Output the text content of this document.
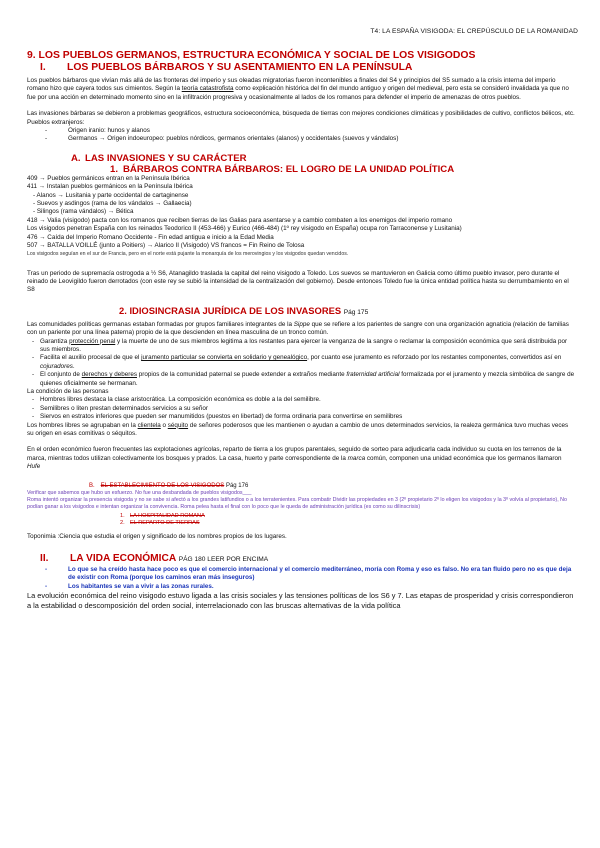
T4: LA ESPAÑA VISIGODA: EL CREPÚSCULO DE LA ROMANIDAD
9. LOS PUEBLOS GERMANOS, ESTRUCTURA ECONÓMICA Y SOCIAL DE LOS VISIGODOS
I. LOS PUEBLOS BÁRBAROS Y SU ASENTAMIENTO EN LA PENÍNSULA

Los pueblos bárbaros que vivían más allá de las fronteras del imperio y sus oleadas migratorias fueron incontenibles a finales del S4 y principios del S5 sumado a la crisis interna del imperio romano hizo que cayera todos sus cimientos. Según la teoría catastrofista como explicación histórica del fin del mundo antiguo y origen del medieval, pero esta se consideró invalidada ya que no fue por una acción en determinado momento sino en la infiltración progresiva y ocasionalmente al lados de los romanos para defender el imperio de amenazas de otros pueblos.

Las invasiones bárbaras se debieron a problemas geográficos, estructura socioeconómica, búsqueda de tierras con mejores condiciones climáticas y posibilidades de cultivo, conflictos bélicos, etc.

Pueblos extranjeros:

- Origen iranio: hunos y alanos
- Germanos → Origen indoeuropeo: pueblos nórdicos, germanos orientales (alanos) y occidentales (suevos y vándalos)
A. LAS INVASIONES Y SU CARÁCTER
1. BÁRBAROS CONTRA BÁRBAROS: EL LOGRO DE LA UNIDAD POLÍTICA

409 → Pueblos germánicos entran en la Península Ibérica

411 → Instalan pueblos germánicos en la Península Ibérica

- Alanos → Lusitania y parte occidental de cartaginense
- Suevos y asdingos (rama de los vándalos → Gallaecia)
- Silingos (rama vándalos) → Bética

418 → Valia (visigodo) pacta con los romanos que reciben tierras de las Galias para asentarse y a cambio combaten a los enemigos del imperio romano

Los visigodos penetran España con los reinados Teodorico II (453-466) y Eurico (466-484) (1º rey visigodo en España) ocupa ron Tarraconense y Lusitania)

476 → Caída del Imperio Romano Occidente - Fin edad antigua e inicio a la Edad Media

507 → BATALLA VOILLÉ (junto a Poitiers) → Alarico II (Visigodo) VS francos = Fin Reino de Tolosa

Los visigodos seguían en el sur de Francia, pero en el norte está pujante la monarquía de los merovingios y los visigodos quedan vencidos.

Tras un periodo de supremacía ostrogoda a ½ S6, Atanagildo traslada la capital del reino visigodo a Toledo. Los suevos se mantuvieron en Galicia como último pueblo invasor, pero durante el reinado de Leovigildo fueron derrotados (con este rey se subió la intensidad de la centralización del gobierno). Desde entonces Toledo fue la única entidad política hasta su derrumbamiento en el S8

2. IDIOSINCRASIA JURÍDICA DE LOS INVASORES Pág 175

Las comunidades políticas germanas estaban formadas por grupos familiares integrantes de la Sippe que se refiere a los parientes de sangre con una organización agnaticia (relación de familias con un pariente por una línea paterna) propio de la que descienden en línea masculina de un tronco común.

- Garantiza protección penal y la muerte de uno de sus miembros legitima a los restantes para ejercer la venganza de la sangre o reclamar la composición económica que será distribuida por sus miembros.
- Facilita el auxilio procesal de que el juramento particular se convierta en solidario y genealógico, por cuanto ese juramento es reforzado por los restantes componentes, convertidos así en cojuradores.
- El conjunto de derechos y deberes propios de la comunidad paternal se puede extender a extraños mediante fraternidad artificial formalizada por el juramento y mezcla simbólica de sangre de quienes oficialmente se hermanan.

La condición de las personas

- Hombres libres destaca la clase aristocrática. La composición económica es doble a la del semilibre.
- Semilibres o liten prestan determinados servicios a su señor
- Siervos en estratos inferiores que pueden ser manumitidos (puestos en libertad) de forma ordinaria para convertirse en semilibres

Los hombres libres se agrupaban en la clientela o séquito de señores poderosos que les mantienen o ayudan a cambio de unos determinados servicios, la realeza germánica tuvo muchas veces su origen en esas comitivas o séquitos.

En el orden económico fueron frecuentes las explotaciones agrícolas, reparto de tierra a los grupos parentales, seguido de sorteo para adjudicarla cada individuo su cuota en los terrenos de la marca, mientras todos utilizan colectivamente los bosques y prados. La casa, huerto y parte correspondiente de la marca común, componen una unidad económica que los germanos llamaron Hufe

B. EL ESTABLECIMIENTO DE LOS VISIGODOS Pág 176

Verificar que sabemos que hubo un esfuerzo. No fue una desbandada de pueblos visigodos___

Roma intentó organizar la presencia visigoda y no se sabe si afectó a los grandes latifundios o a los terratenientes. Para combatir Dividir las propiedades en 3 (2º propietario 2º lo eligen los visigodos y la 3º volvía al propietario), No podían ganar a los visigodos e intentan organizar la convivencia. Roma pelea hasta el final con lo poco que le queda de administración jurídica (es como su dilinscrisis)

1. LA HOSPITALIDAD ROMANA
2. EL REPARTO DE TIERRAS

Toponimia :Ciencia que estudia el origen y significado de los nombres propios de los lugares.

II. LA VIDA ECONÓMICA PÁG 180 LEER POR ENCIMA
- Lo que se ha creído hasta hace poco es que el comercio internacional y el comercio mediterráneo, moría con Roma y eso es falso. No era tan fluido pero no es que deja de existir con Roma (porque los caminos eran más inseguros)
- Los habitantes se van a vivir a las zonas rurales.

La evolución económica del reino visigodo estuvo ligada a las crisis sociales y las tensiones políticas de los S6 y 7. Las etapas de prosperidad y crisis correspondieron a la estabilidad o descomposición del orden social, interrelacionado con las bruscas alternativas de la vida política
